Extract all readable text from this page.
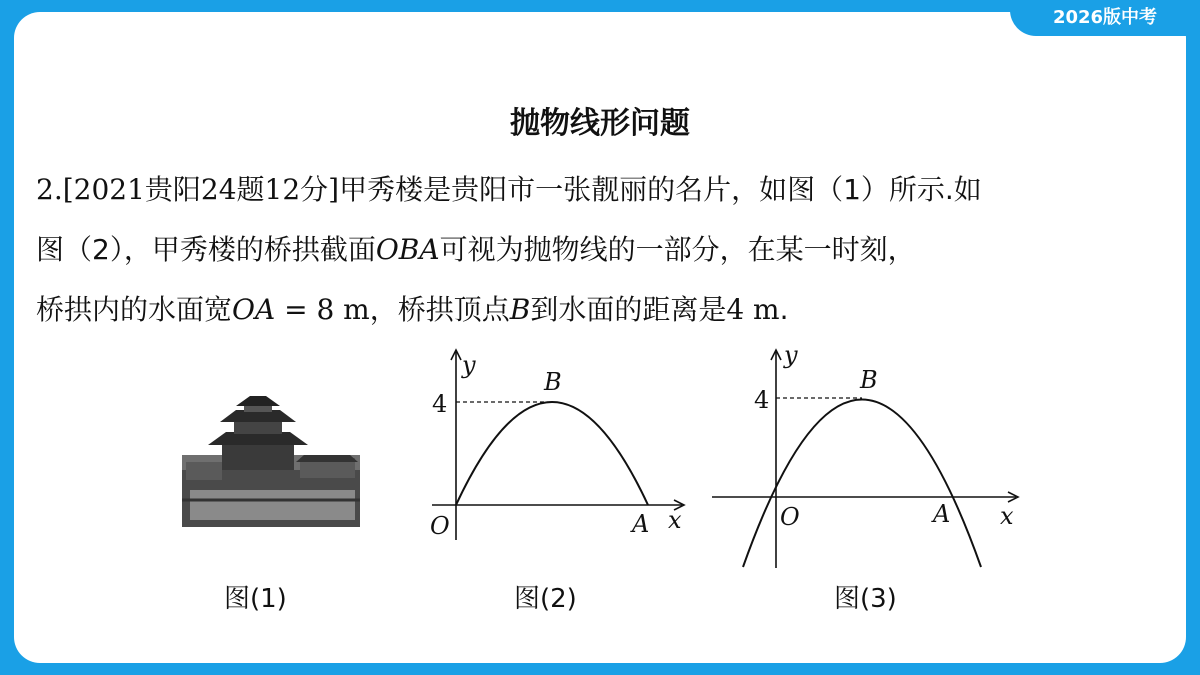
2026版中考
抛物线形问题
2.[2021贵阳24题12分]甲秀楼是贵阳市一张靓丽的名片，如图（1）所示.如
图（2），甲秀楼的桥拱截面OBA可视为抛物线的一部分，在某一时刻，
桥拱内的水面宽OA = 8 m，桥拱顶点B到水面的距离是4 m.
y
4
B
O	A x
y
4
B
O	A x
图(1)	图(2)	图(3)
